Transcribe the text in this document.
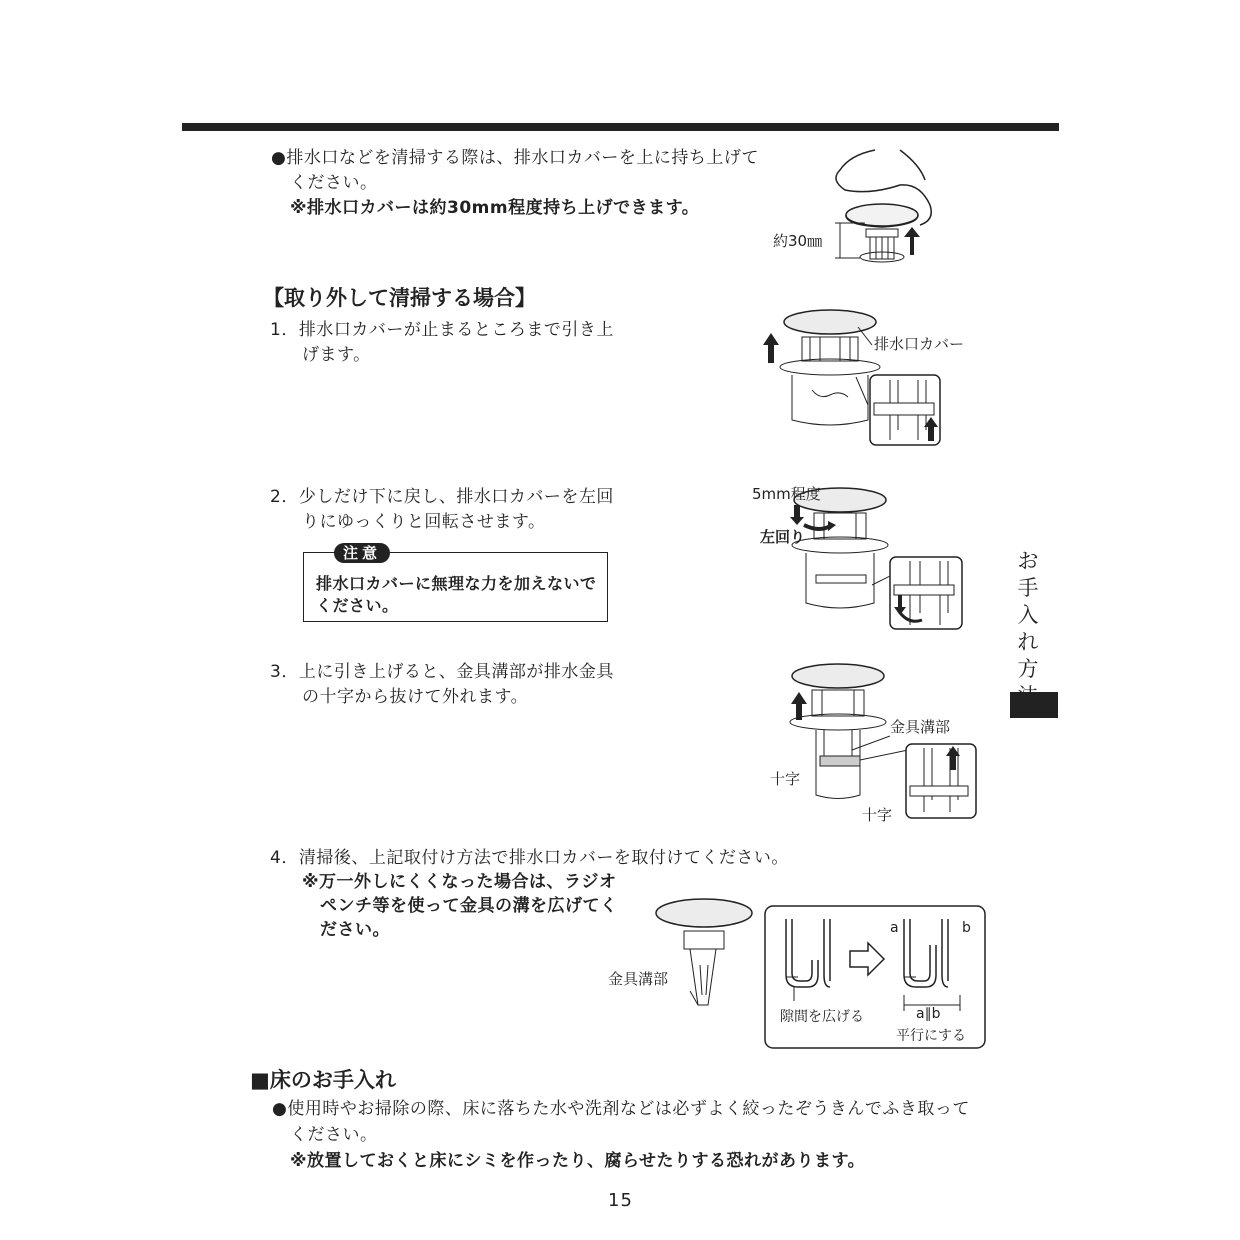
●排水口などを清掃する際は、排水口カバーを上に持ち上げて
ください。
※排水口カバーは約30mm程度持ち上げできます。
約30㎜
【取り外して清掃する場合】
1．排水口カバーが止まるところまで引き上
げます。
排水口カバー
2．少しだけ下に戻し、排水口カバーを左回
りにゆっくりと回転させます。
注意
排水口カバーに無理な力を加えないで
ください。
5mm程度
左回り
3．上に引き上げると、金具溝部が排水金具
の十字から抜けて外れます。
金具溝部
十字
十字
4．清掃後、上記取付け方法で排水口カバーを取付けてください。
※万一外しにくくなった場合は、ラジオ
ペンチ等を使って金具の溝を広げてく
ださい。
金具溝部
隙間を広げる
a	b
a∥b
平行にする
お
手
入
れ
方
■床のお手入れ
●使用時やお掃除の際、床に落ちた水や洗剤などは必ずよく絞ったぞうきんでふき取って
ください。
※放置しておくと床にシミを作ったり、腐らせたりする恐れがあります。
15
